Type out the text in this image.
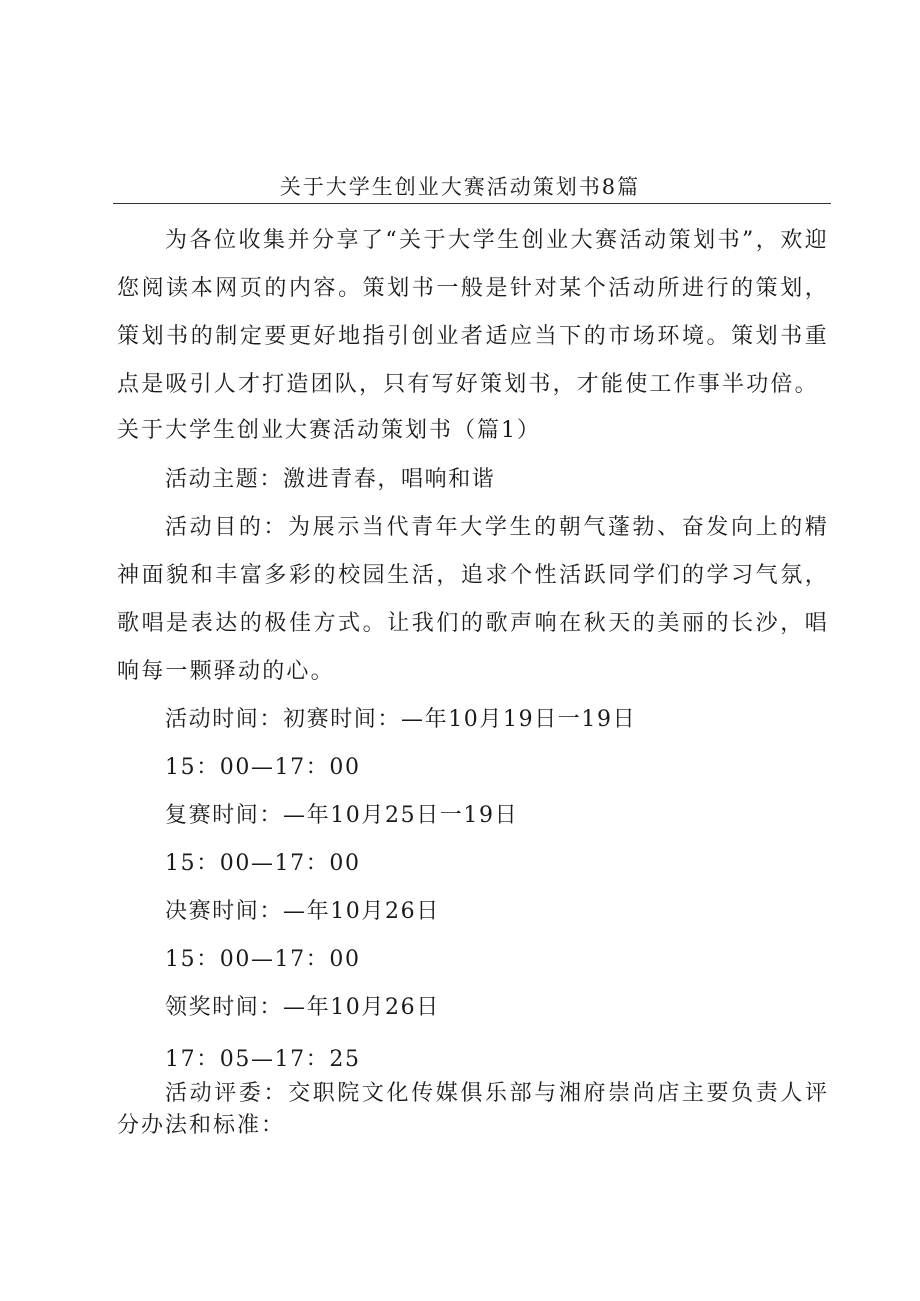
关于大学生创业大赛活动策划书8篇

为各位收集并分享了“关于大学生创业大赛活动策划书”，欢迎您阅读本网页的内容。策划书一般是针对某个活动所进行的策划，策划书的制定要更好地指引创业者适应当下的市场环境。策划书重点是吸引人才打造团队，只有写好策划书，才能使工作事半功倍。

关于大学生创业大赛活动策划书（篇1）
活动主题：激进青春，唱响和谐

活动目的：为展示当代青年大学生的朝气蓬勃、奋发向上的精神面貌和丰富多彩的校园生活，追求个性活跃同学们的学习气氛，歌唱是表达的极佳方式。让我们的歌声响在秋天的美丽的长沙，唱响每一颗驿动的心。

活动时间：初赛时间：—年10月19日一19日
15：00—17：00
复赛时间：—年10月25日一19日
15：00—17：00
决赛时间：—年10月26日
15：00—17：00
领奖时间：—年10月26日
17：05—17：25

活动评委：交职院文化传媒俱乐部与湘府崇尚店主要负责人评分办法和标准：
